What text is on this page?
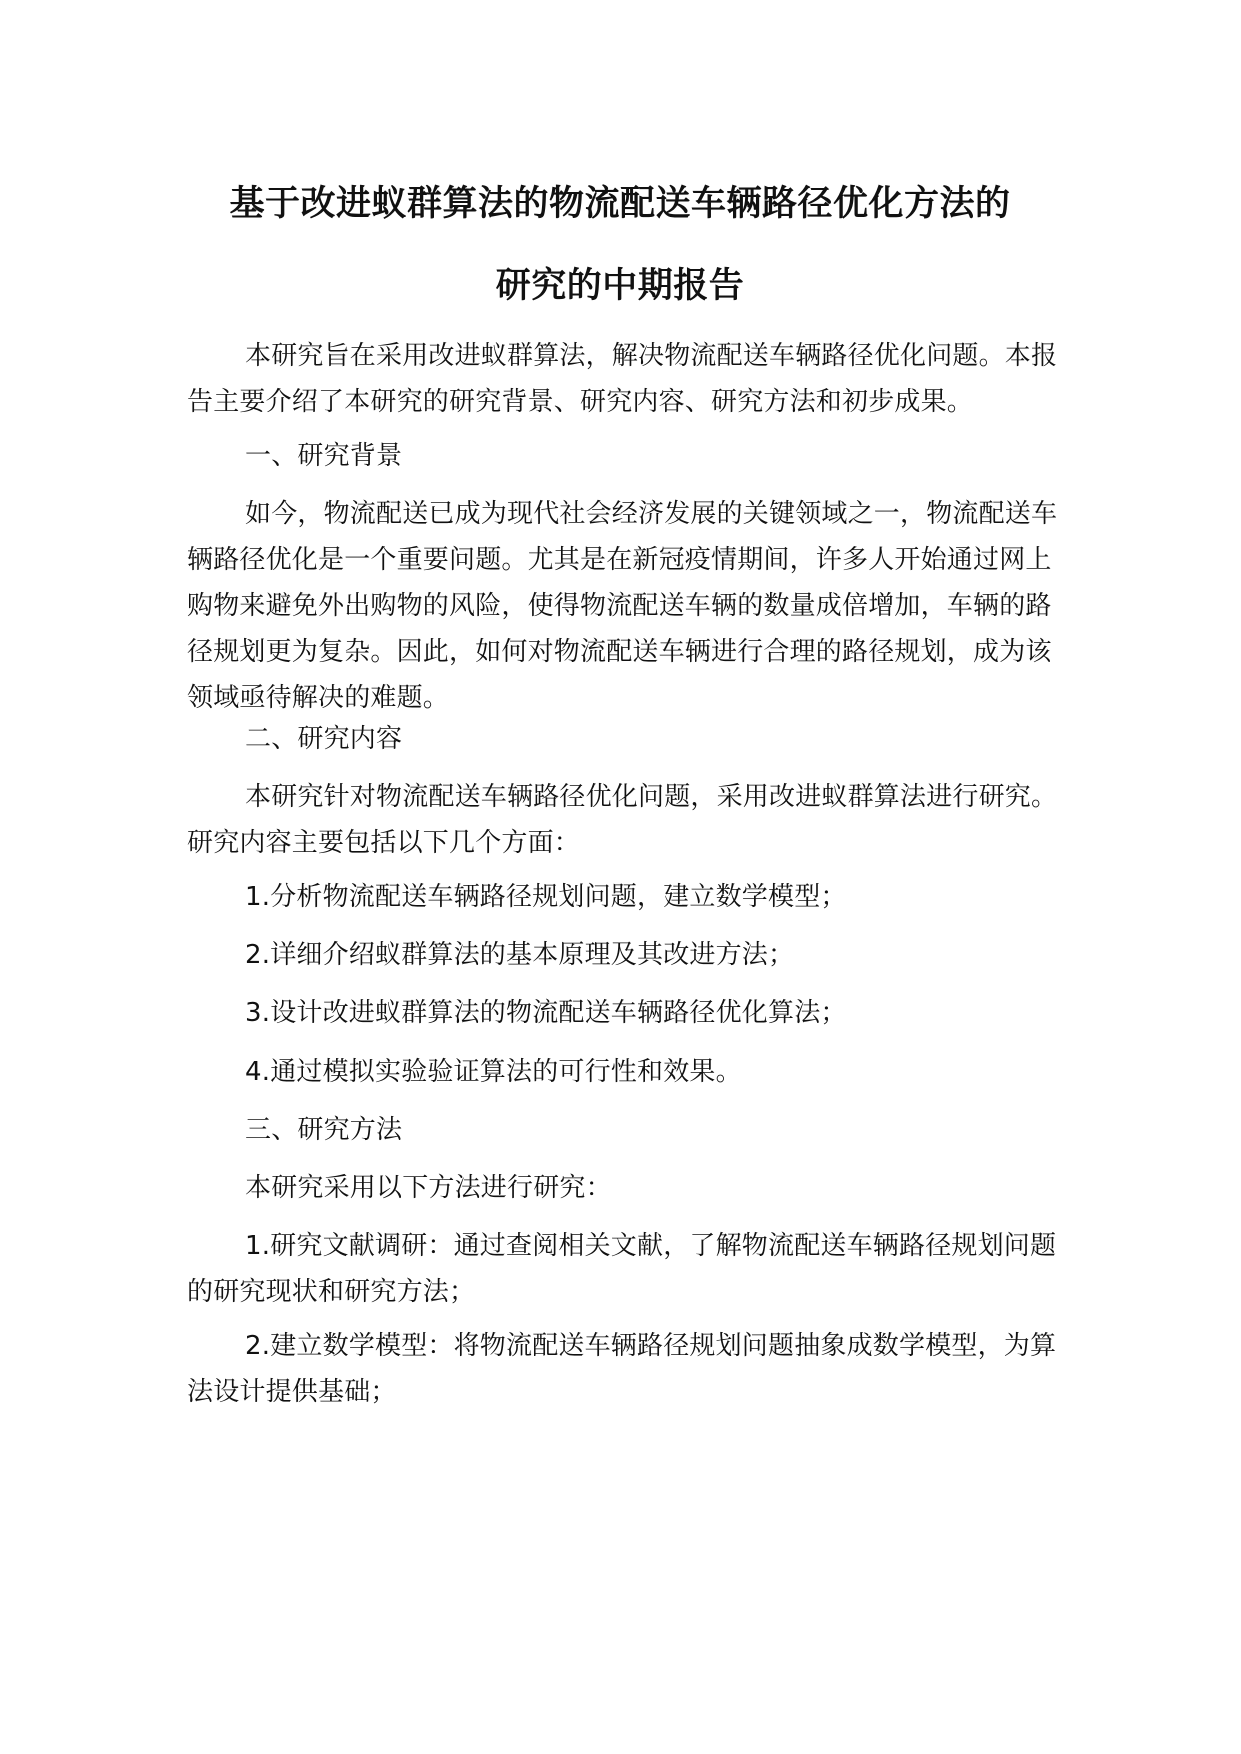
基于改进蚁群算法的物流配送车辆路径优化方法的
研究的中期报告

本研究旨在采用改进蚁群算法，解决物流配送车辆路径优化问题。本报告主要介绍了本研究的研究背景、研究内容、研究方法和初步成果。

一、研究背景

如今，物流配送已成为现代社会经济发展的关键领域之一，物流配送车辆路径优化是一个重要问题。尤其是在新冠疫情期间，许多人开始通过网上购物来避免外出购物的风险，使得物流配送车辆的数量成倍增加，车辆的路径规划更为复杂。因此，如何对物流配送车辆进行合理的路径规划，成为该领域亟待解决的难题。

二、研究内容

本研究针对物流配送车辆路径优化问题，采用改进蚁群算法进行研究。研究内容主要包括以下几个方面：

1.分析物流配送车辆路径规划问题，建立数学模型；

2.详细介绍蚁群算法的基本原理及其改进方法；

3.设计改进蚁群算法的物流配送车辆路径优化算法；

4.通过模拟实验验证算法的可行性和效果。

三、研究方法

本研究采用以下方法进行研究：

1.研究文献调研：通过查阅相关文献，了解物流配送车辆路径规划问题的研究现状和研究方法；

2.建立数学模型：将物流配送车辆路径规划问题抽象成数学模型，为算法设计提供基础；
